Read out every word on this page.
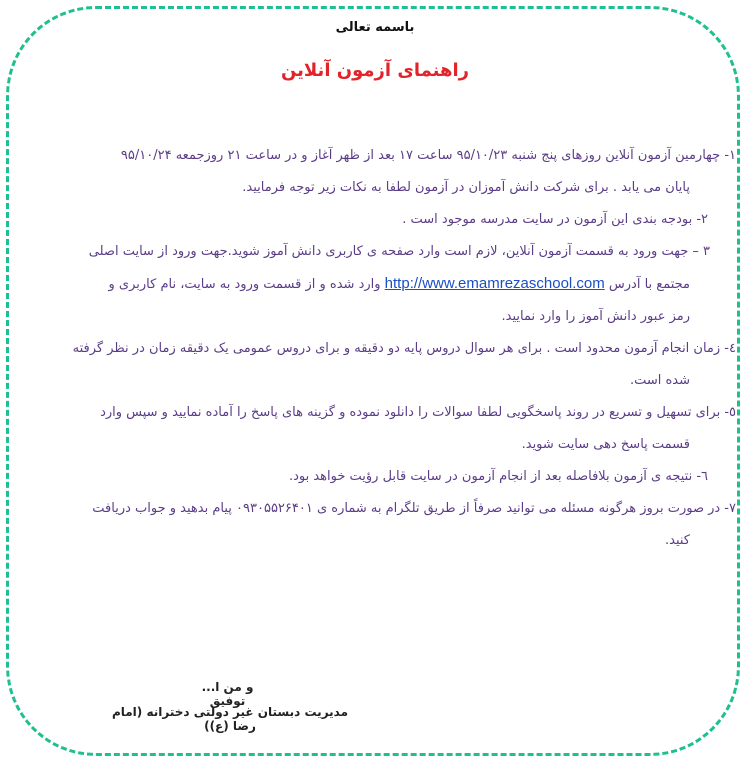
باسمه تعالی
راهنمای آزمون آنلاین
۱- چهارمین آزمون آنلاین روزهای پنج شنبه ۹۵/۱۰/۲۳ ساعت ۱۷ بعد از ظهر آغاز و در ساعت ۲۱ روزجمعه ۹۵/۱۰/۲۴
پایان می یابد . برای شرکت دانش آموزان در آزمون لطفا به نکات زیر توجه فرمایید.
۲- بودجه بندی این آزمون در سایت مدرسه موجود است .
۳ – جهت ورود به قسمت آزمون آنلاین، لازم است وارد صفحه ی کاربری دانش آموز شوید.جهت ورود از سایت اصلی
مجتمع با آدرس http://www.emamrezaschool.com وارد شده و از قسمت ورود به سایت، نام کاربری و
رمز عبور دانش آموز را وارد نمایید.
٤- زمان انجام آزمون محدود است . برای هر سوال دروس پایه دو دقیقه و برای دروس عمومی یک دقیقه زمان در نظر گرفته
شده است.
٥- برای تسهیل و تسریع در روند پاسخگویی لطفا سوالات را دانلود نموده و گزینه های پاسخ را آماده نمایید و سپس وارد
قسمت پاسخ دهی سایت شوید.
٦- نتیجه ی آزمون بلافاصله بعد از انجام آزمون در سایت قابل رؤیت خواهد بود.
۷- در صورت بروز هرگونه مسئله می توانید صرفاً از طریق تلگرام به شماره ی ۰۹۳۰۵۵۲۶۴۰۱ پیام بدهید و جواب دریافت
کنید.
و من ا... توفیق
مدیریت دبستان غیر دولتی دخترانه (امام رضا (ع))
